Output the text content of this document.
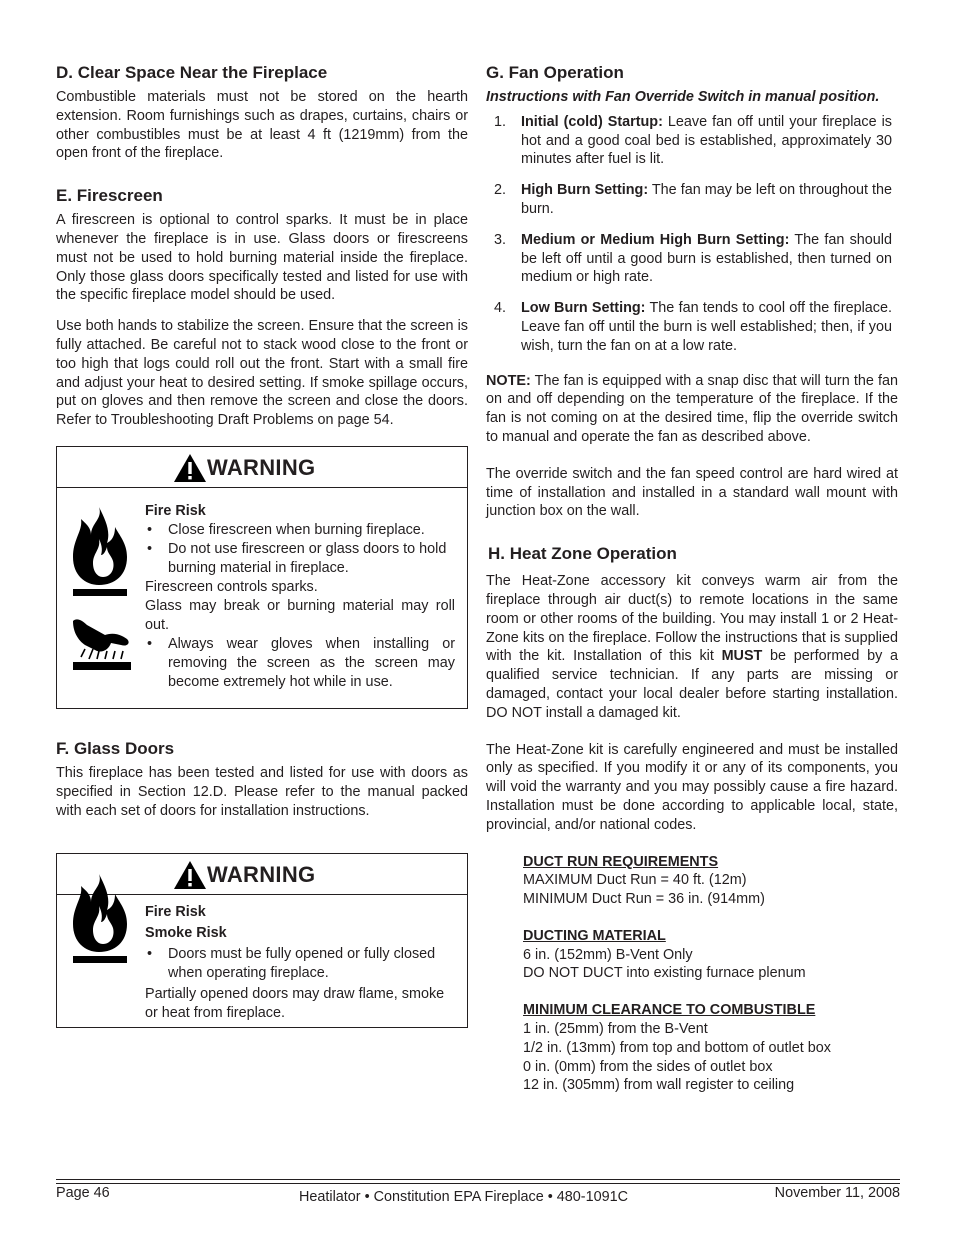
D. Clear Space Near the Fireplace

Combustible materials must not be stored on the hearth extension. Room furnishings such as drapes, curtains, chairs or other combustibles must be at least 4 ft (1219mm) from the open front of the fireplace.

E. Firescreen

A firescreen is optional to control sparks. It must be in place whenever the fireplace is in use. Glass doors or firescreens must not be used to hold burning material inside the fireplace. Only those glass doors specifically tested and listed for use with the specific fireplace model should be used.

Use both hands to stabilize the screen. Ensure that the screen is fully attached. Be careful not to stack wood close to the front or too high that logs could roll out the front. Start with a small fire and adjust your heat to desired setting. If smoke spillage occurs, put on gloves and then remove the screen and close the doors. Refer to Troubleshooting Draft Problems on page 54.

WARNING
Fire Risk
• Close firescreen when burning fireplace.
• Do not use firescreen or glass doors to hold burning material in fireplace.
Firescreen controls sparks.
Glass may break or burning material may roll out.
• Always wear gloves when installing or removing the screen as the screen may become extremely hot while in use.
F. Glass Doors

This fireplace has been tested and listed for use with doors as specified in Section 12.D. Please refer to the manual packed with each set of doors for installation instructions.

WARNING
Fire Risk
Smoke Risk
• Doors must be fully opened or fully closed when operating fireplace.
Partially opened doors may draw flame, smoke or heat from fireplace.
G. Fan Operation
Instructions with Fan Override Switch in manual position.
1. Initial (cold) Startup: Leave fan off until your fireplace is hot and a good coal bed is established, approximately 30 minutes after fuel is lit.
2. High Burn Setting: The fan may be left on throughout the burn.
3. Medium or Medium High Burn Setting: The fan should be left off until a good burn is established, then turned on medium or high rate.
4. Low Burn Setting: The fan tends to cool off the fireplace. Leave fan off until the burn is well established; then, if you wish, turn the fan on at a low rate.

NOTE: The fan is equipped with a snap disc that will turn the fan on and off depending on the temperature of the fireplace. If the fan is not coming on at the desired time, flip the override switch to manual and operate the fan as described above.

The override switch and the fan speed control are hard wired at time of installation and installed in a standard wall mount with junction box on the wall.

H. Heat Zone Operation

The Heat-Zone accessory kit conveys warm air from the fireplace through air duct(s) to remote locations in the same room or other rooms of the building. You may install 1 or 2 Heat-Zone kits on the fireplace. Follow the instructions that is supplied with the kit. Installation of this kit MUST be performed by a qualified service technician. If any parts are missing or damaged, contact your local dealer before starting installation. DO NOT install a damaged kit.

The Heat-Zone kit is carefully engineered and must be installed only as specified. If you modify it or any of its components, you will void the warranty and you may possibly cause a fire hazard. Installation must be done according to applicable local, state, provincial, and/or national codes.

DUCT RUN REQUIREMENTS
MAXIMUM Duct Run = 40 ft. (12m)
MINIMUM Duct Run = 36 in. (914mm)
DUCTING MATERIAL
6 in. (152mm) B-Vent Only
DO NOT DUCT into existing furnace plenum
MINIMUM CLEARANCE TO COMBUSTIBLE
1 in. (25mm) from the B-Vent
1/2 in. (13mm) from top and bottom of outlet box
0 in. (0mm) from the sides of outlet box
12 in. (305mm) from wall register to ceiling
Page 46	Heatilator • Constitution EPA Fireplace • 480-1091C	November 11, 2008
